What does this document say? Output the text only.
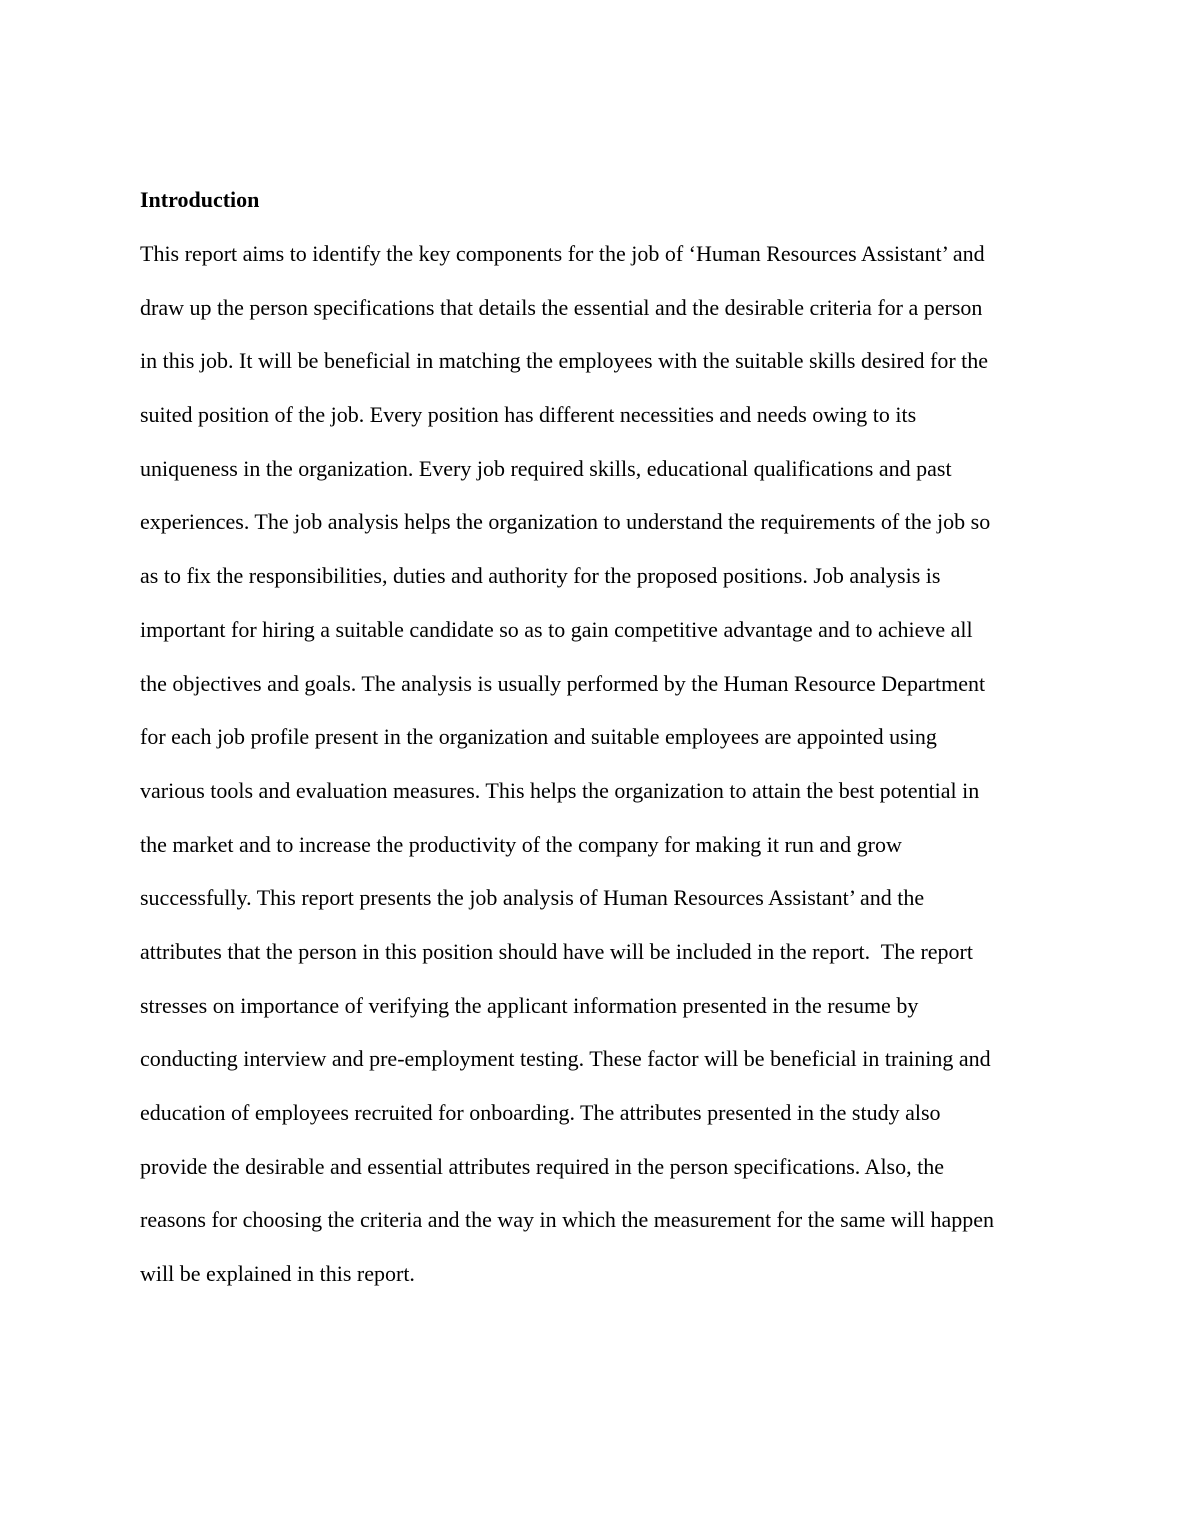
Introduction
This report aims to identify the key components for the job of ‘Human Resources Assistant’ and
draw up the person specifications that details the essential and the desirable criteria for a person
in this job. It will be beneficial in matching the employees with the suitable skills desired for the
suited position of the job. Every position has different necessities and needs owing to its
uniqueness in the organization. Every job required skills, educational qualifications and past
experiences. The job analysis helps the organization to understand the requirements of the job so
as to fix the responsibilities, duties and authority for the proposed positions. Job analysis is
important for hiring a suitable candidate so as to gain competitive advantage and to achieve all
the objectives and goals. The analysis is usually performed by the Human Resource Department
for each job profile present in the organization and suitable employees are appointed using
various tools and evaluation measures. This helps the organization to attain the best potential in
the market and to increase the productivity of the company for making it run and grow
successfully. This report presents the job analysis of Human Resources Assistant’ and the
attributes that the person in this position should have will be included in the report.  The report
stresses on importance of verifying the applicant information presented in the resume by
conducting interview and pre-employment testing. These factor will be beneficial in training and
education of employees recruited for onboarding. The attributes presented in the study also
provide the desirable and essential attributes required in the person specifications. Also, the
reasons for choosing the criteria and the way in which the measurement for the same will happen
will be explained in this report.
